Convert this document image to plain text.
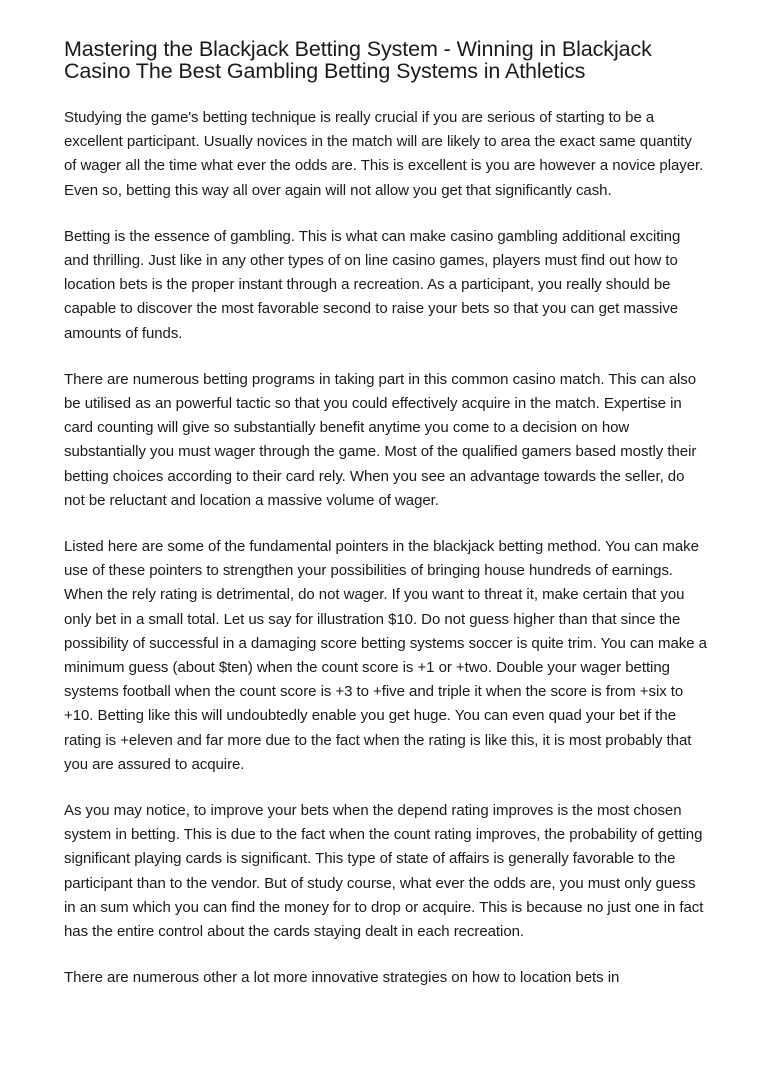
Mastering the Blackjack Betting System - Winning in Blackjack Casino The Best Gambling Betting Systems in Athletics

Studying the game's betting technique is really crucial if you are serious of starting to be a excellent participant. Usually novices in the match will are likely to area the exact same quantity of wager all the time what ever the odds are. This is excellent is you are however a novice player. Even so, betting this way all over again will not allow you get that significantly cash.

Betting is the essence of gambling. This is what can make casino gambling additional exciting and thrilling. Just like in any other types of on line casino games, players must find out how to location bets is the proper instant through a recreation. As a participant, you really should be capable to discover the most favorable second to raise your bets so that you can get massive amounts of funds.

There are numerous betting programs in taking part in this common casino match. This can also be utilised as an powerful tactic so that you could effectively acquire in the match. Expertise in card counting will give so substantially benefit anytime you come to a decision on how substantially you must wager through the game. Most of the qualified gamers based mostly their betting choices according to their card rely. When you see an advantage towards the seller, do not be reluctant and location a massive volume of wager.

Listed here are some of the fundamental pointers in the blackjack betting method. You can make use of these pointers to strengthen your possibilities of bringing house hundreds of earnings. When the rely rating is detrimental, do not wager. If you want to threat it, make certain that you only bet in a small total. Let us say for illustration $10. Do not guess higher than that since the possibility of successful in a damaging score betting systems soccer is quite trim. You can make a minimum guess (about $ten) when the count score is +1 or +two. Double your wager betting systems football when the count score is +3 to +five and triple it when the score is from +six to +10. Betting like this will undoubtedly enable you get huge. You can even quad your bet if the rating is +eleven and far more due to the fact when the rating is like this, it is most probably that you are assured to acquire.

As you may notice, to improve your bets when the depend rating improves is the most chosen system in betting. This is due to the fact when the count rating improves, the probability of getting significant playing cards is significant. This type of state of affairs is generally favorable to the participant than to the vendor. But of study course, what ever the odds are, you must only guess in an sum which you can find the money for to drop or acquire. This is because no just one in fact has the entire control about the cards staying dealt in each recreation.

There are numerous other a lot more innovative strategies on how to location bets in
